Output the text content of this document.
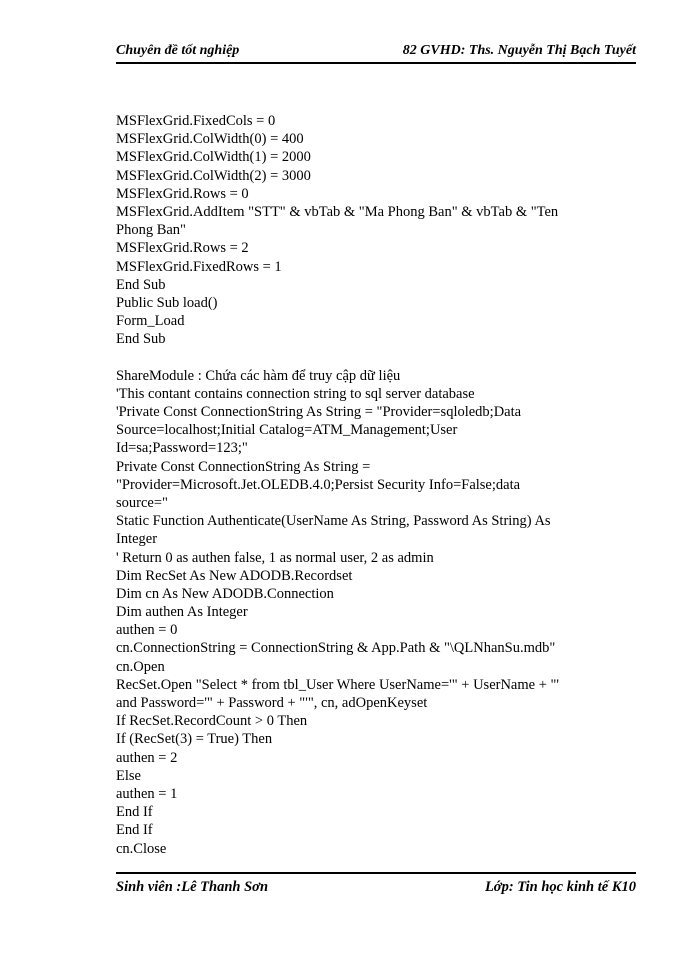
Chuyên đề tốt nghiệp	82 GVHD: Ths. Nguyễn Thị Bạch Tuyết
MSFlexGrid.FixedCols = 0
MSFlexGrid.ColWidth(0) = 400
MSFlexGrid.ColWidth(1) = 2000
MSFlexGrid.ColWidth(2) = 3000
MSFlexGrid.Rows = 0
MSFlexGrid.AddItem "STT" & vbTab & "Ma Phong Ban" & vbTab & "Ten
Phong Ban"
MSFlexGrid.Rows = 2
MSFlexGrid.FixedRows = 1
End Sub
Public Sub load()
Form_Load
End Sub
ShareModule : Chứa các hàm để truy cập dữ liệu
'This contant contains connection string to sql server database
'Private Const ConnectionString As String = "Provider=sqloledb;Data
Source=localhost;Initial Catalog=ATM_Management;User
Id=sa;Password=123;"
Private Const ConnectionString As String =
"Provider=Microsoft.Jet.OLEDB.4.0;Persist Security Info=False;data
source="
Static Function Authenticate(UserName As String, Password As String) As
Integer
' Return 0 as authen false, 1 as normal user, 2 as admin
Dim RecSet As New ADODB.Recordset
Dim cn As New ADODB.Connection
Dim authen As Integer
authen = 0
cn.ConnectionString = ConnectionString & App.Path & "\QLNhanSu.mdb"
cn.Open
RecSet.Open "Select * from tbl_User Where UserName='" + UserName + "'
and Password='" + Password + "'", cn, adOpenKeyset
If RecSet.RecordCount > 0 Then
If (RecSet(3) = True) Then
authen = 2
Else
authen = 1
End If
End If
cn.Close
Sinh viên :Lê Thanh Sơn	Lớp: Tin học kinh tế K10
